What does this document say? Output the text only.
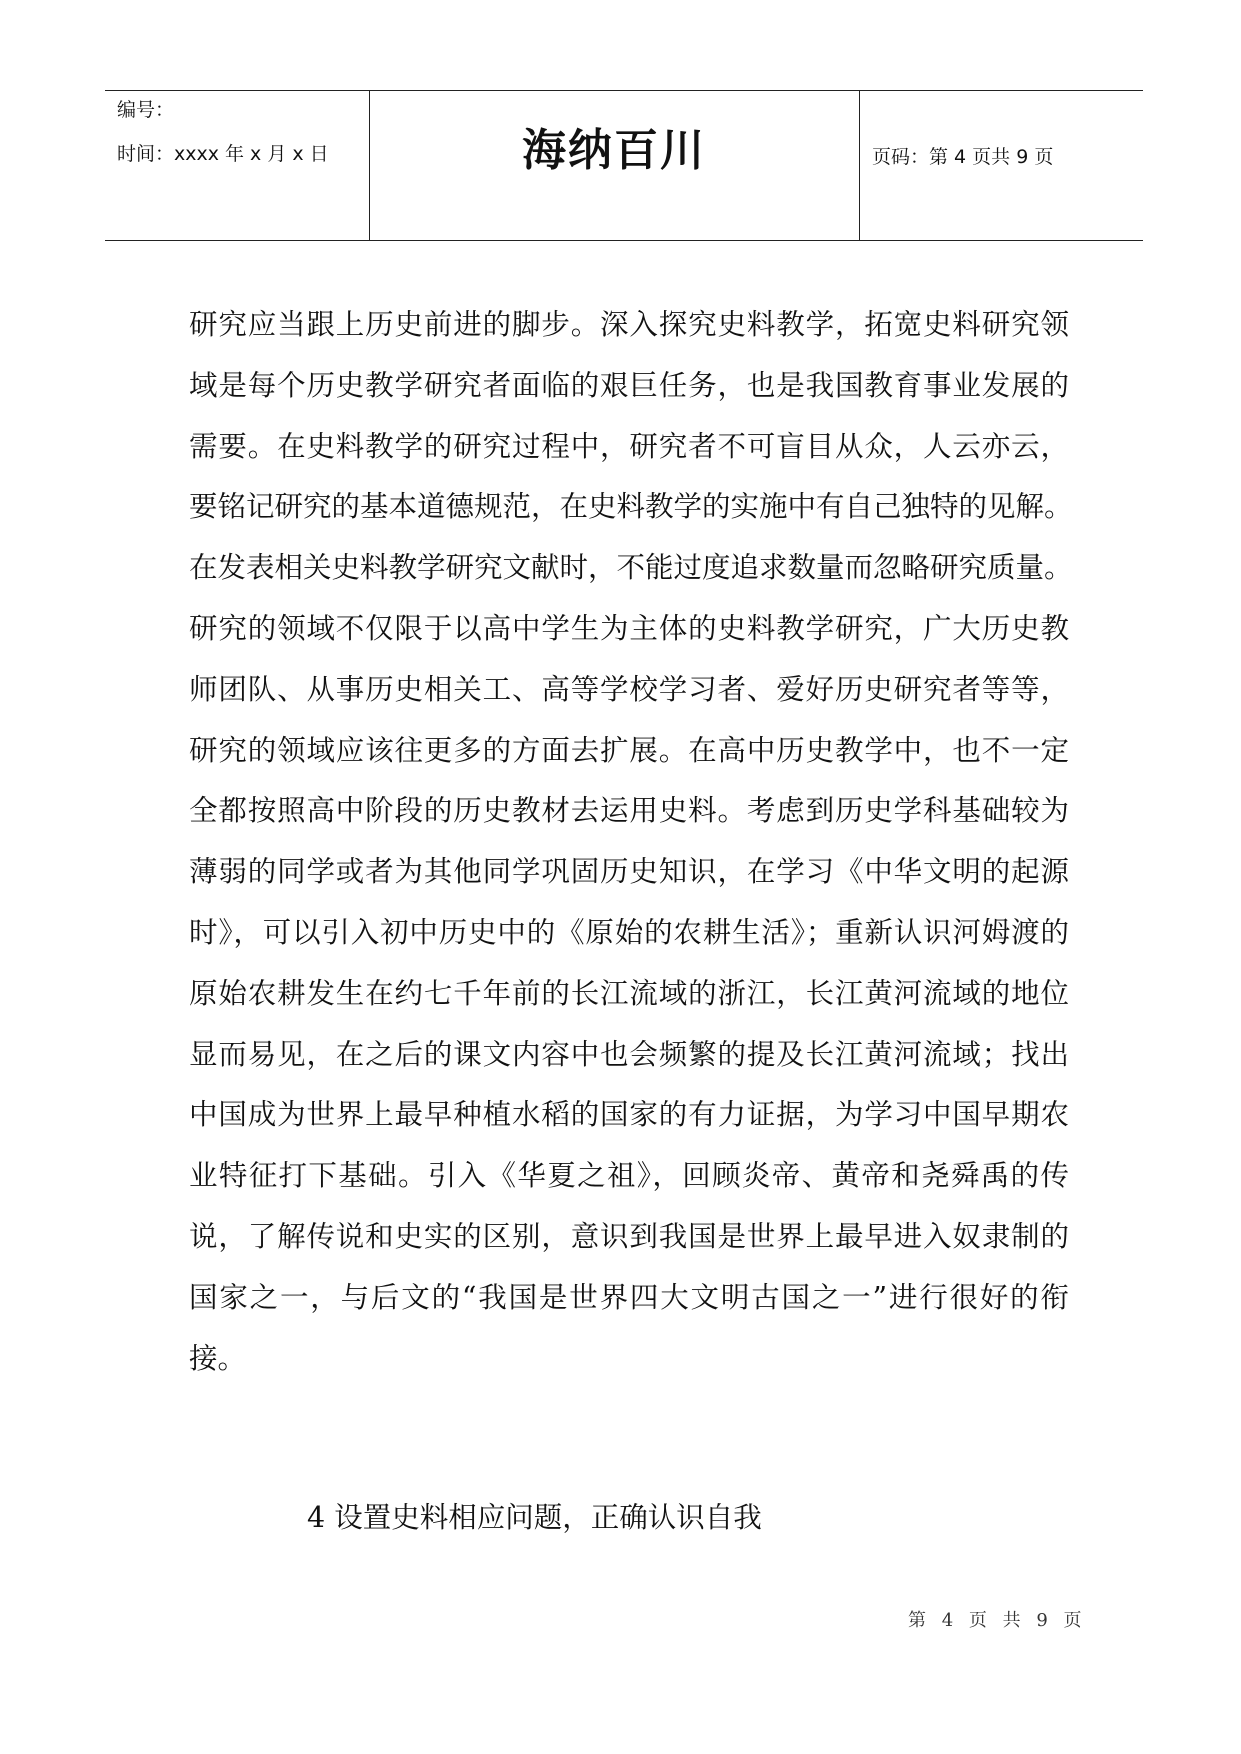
编号：
时间：xxxx 年 x 月 x 日	海纳百川	页码：第 4 页共 9 页
研究应当跟上历史前进的脚步。深入探究史料教学，拓宽史料研究领
域是每个历史教学研究者面临的艰巨任务，也是我国教育事业发展的
需要。在史料教学的研究过程中，研究者不可盲目从众，人云亦云，
要铭记研究的基本道德规范，在史料教学的实施中有自己独特的见解。
在发表相关史料教学研究文献时，不能过度追求数量而忽略研究质量。
研究的领域不仅限于以高中学生为主体的史料教学研究，广大历史教
师团队、从事历史相关工、高等学校学习者、爱好历史研究者等等，
研究的领域应该往更多的方面去扩展。在高中历史教学中，也不一定
全都按照高中阶段的历史教材去运用史料。考虑到历史学科基础较为
薄弱的同学或者为其他同学巩固历史知识，在学习《中华文明的起源
时》，可以引入初中历史中的《原始的农耕生活》；重新认识河姆渡的
原始农耕发生在约七千年前的长江流域的浙江，长江黄河流域的地位
显而易见，在之后的课文内容中也会频繁的提及长江黄河流域；找出
中国成为世界上最早种植水稻的国家的有力证据，为学习中国早期农
业特征打下基础。引入《华夏之祖》，回顾炎帝、黄帝和尧舜禹的传
说，了解传说和史实的区别，意识到我国是世界上最早进入奴隶制的
国家之一，与后文的“我国是世界四大文明古国之一”进行很好的衔
接。
4 设置史料相应问题，正确认识自我
第 4 页 共 9 页
